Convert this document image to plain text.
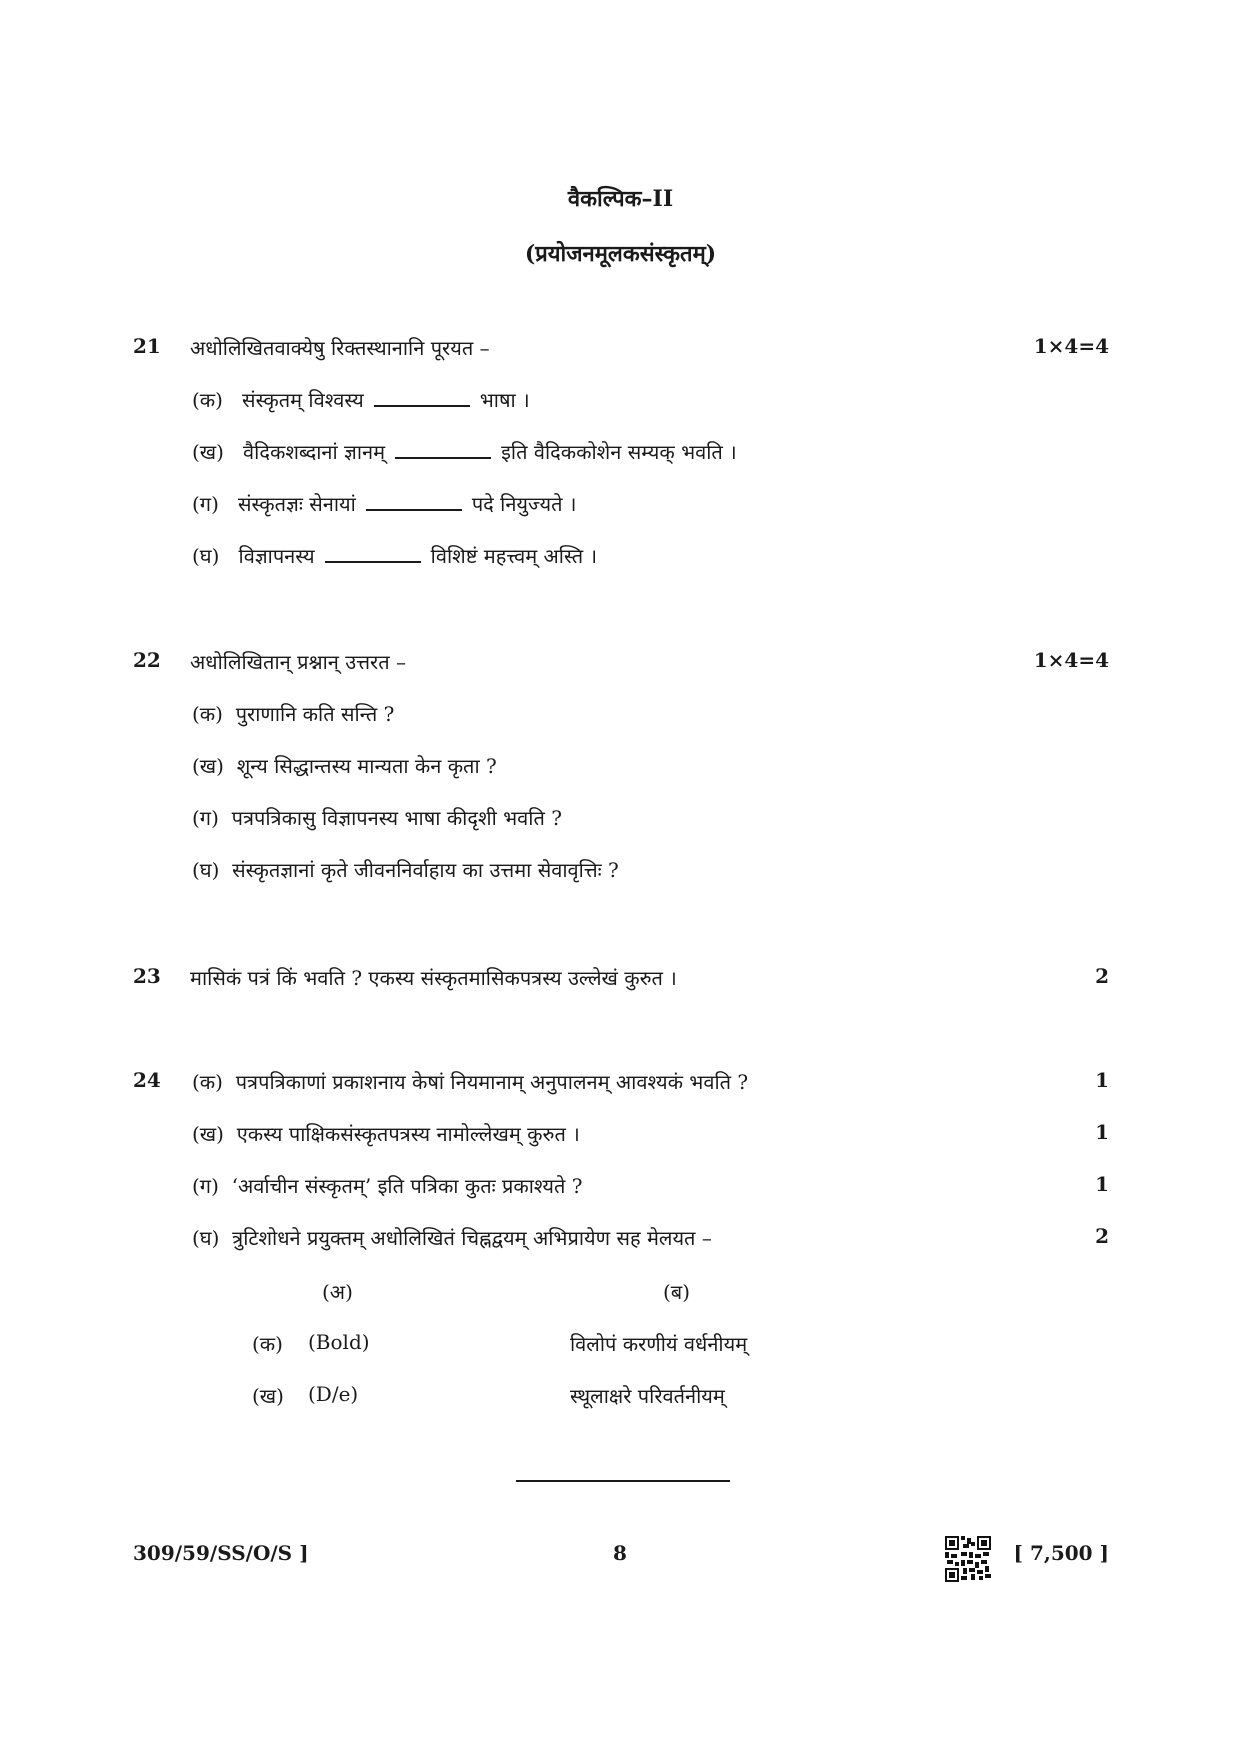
वैकल्पिक–II
(प्रयोजनमूलकसंस्कृतम्)
21 अधोलिखितवाक्येषु रिक्तस्थानानि पूरयत –	1×4=4
(क) संस्कृतम् विश्वस्य	भाषा ।
(ख) वैदिकशब्दानां ज्ञानम्	इति वैदिककोशेन सम्यक् भवति ।
(ग) संस्कृतज्ञः सेनायां	पदे नियुज्यते ।
(घ) विज्ञापनस्य	विशिष्टं महत्त्वम् अस्ति ।
22 अधोलिखितान् प्रश्नान् उत्तरत –	1×4=4
(क) पुराणानि कति सन्ति ?
(ख) शून्य सिद्धान्तस्य मान्यता केन कृता ?
(ग) पत्रपत्रिकासु विज्ञापनस्य भाषा कीदृशी भवति ?
(घ) संस्कृतज्ञानां कृते जीवननिर्वाहाय का उत्तमा सेवावृत्तिः ?
23 मासिकं पत्रं किं भवति ? एकस्य संस्कृतमासिकपत्रस्य उल्लेखं कुरुत ।	2
24 (क) पत्रपत्रिकाणां प्रकाशनाय केषां नियमानाम् अनुपालनम् आवश्यकं भवति ?	1
(ख) एकस्य पाक्षिकसंस्कृतपत्रस्य नामोल्लेखम् कुरुत ।	1
(ग) ‘अर्वाचीन संस्कृतम्’ इति पत्रिका कुतः प्रकाश्यते ?	1
(घ) त्रुटिशोधने प्रयुक्तम् अधोलिखितं चिह्नद्वयम् अभिप्रायेण सह मेलयत –	2
(अ)	(ब)
(क) (Bold)	विलोपं करणीयं वर्धनीयम्
(ख) (D/e)	स्थूलाक्षरे परिवर्तनीयम्
309/59/SS/O/S ]	8	[ 7,500 ]
